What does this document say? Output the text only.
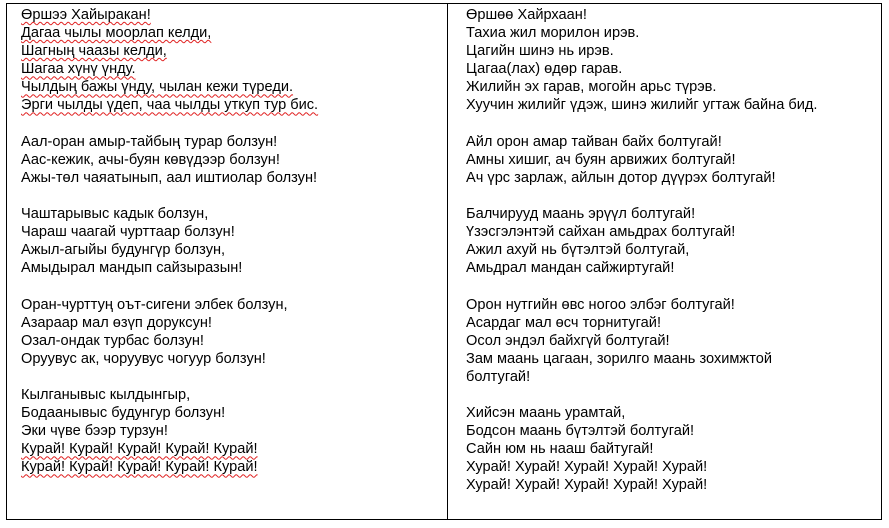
Өршээ Хайыракан!
Дагаа чылы моорлап келди,
Шагның чаазы келди,
Шагаа хүнү үнду.
Чылдың бажы үнду, чылан кежи түреди.
Эрги чылды үдеп, чаа чылды уткуп тур бис.
Аал-оран амыр-тайбың турар болзун!
Аас-кежик, ачы-буян көвүдээр болзун!
Ажы-төл чаяатынып, аал иштиолар болзун!
Чаштарывыс кадык болзун,
Чараш чаагай чурттаар болзун!
Ажыл-агыйы будунгүр болзун,
Амыдырал мандып сайзыразын!
Оран-чурттуң оът-сигени элбек болзун,
Азараар мал өзүп доруксун!
Озал-ондак турбас болзун!
Оруувус ак, чоруувус чогуур болзун!
Кылганывыс кылдынгыр,
Бодаанывыс будунгур болзун!
Эки чүве бээр турзун!
Курай! Курай! Курай! Курай! Курай!
Курай! Курай! Курай! Курай! Курай!
Өршөө Хайрхаан!
Тахиа жил морилон ирэв.
Цагийн шинэ нь ирэв.
Цагаа(лах) өдөр гарав.
Жилийн эх гарав, могойн арьс түрэв.
Хуучин жилийг үдэж, шинэ жилийг угтаж байна бид.
Айл орон амар тайван байх болтугай!
Амны хишиг, ач буян арвижих болтугай!
Ач үрс зарлаж, айлын дотор дүүрэх болтугай!
Балчирууд маань эрүүл болтугай!
Үзэсгэлэнтэй сайхан амьдрах болтугай!
Ажил ахуй нь бүтэлтэй болтугай,
Амьдрал мандан сайжиртугай!
Орон нутгийн өвс ногоо элбэг болтугай!
Асардаг мал өсч торнитугай!
Осол эндэл байхгүй болтугай!
Зам маань цагаан, зорилго маань зохимжтой болтугай!
Хийсэн маань урамтай,
Бодсон маань бүтэлтэй болтугай!
Сайн юм нь нааш байтугай!
Хурай! Хурай! Хурай! Хурай! Хурай!
Хурай! Хурай! Хурай! Хурай! Хурай!
